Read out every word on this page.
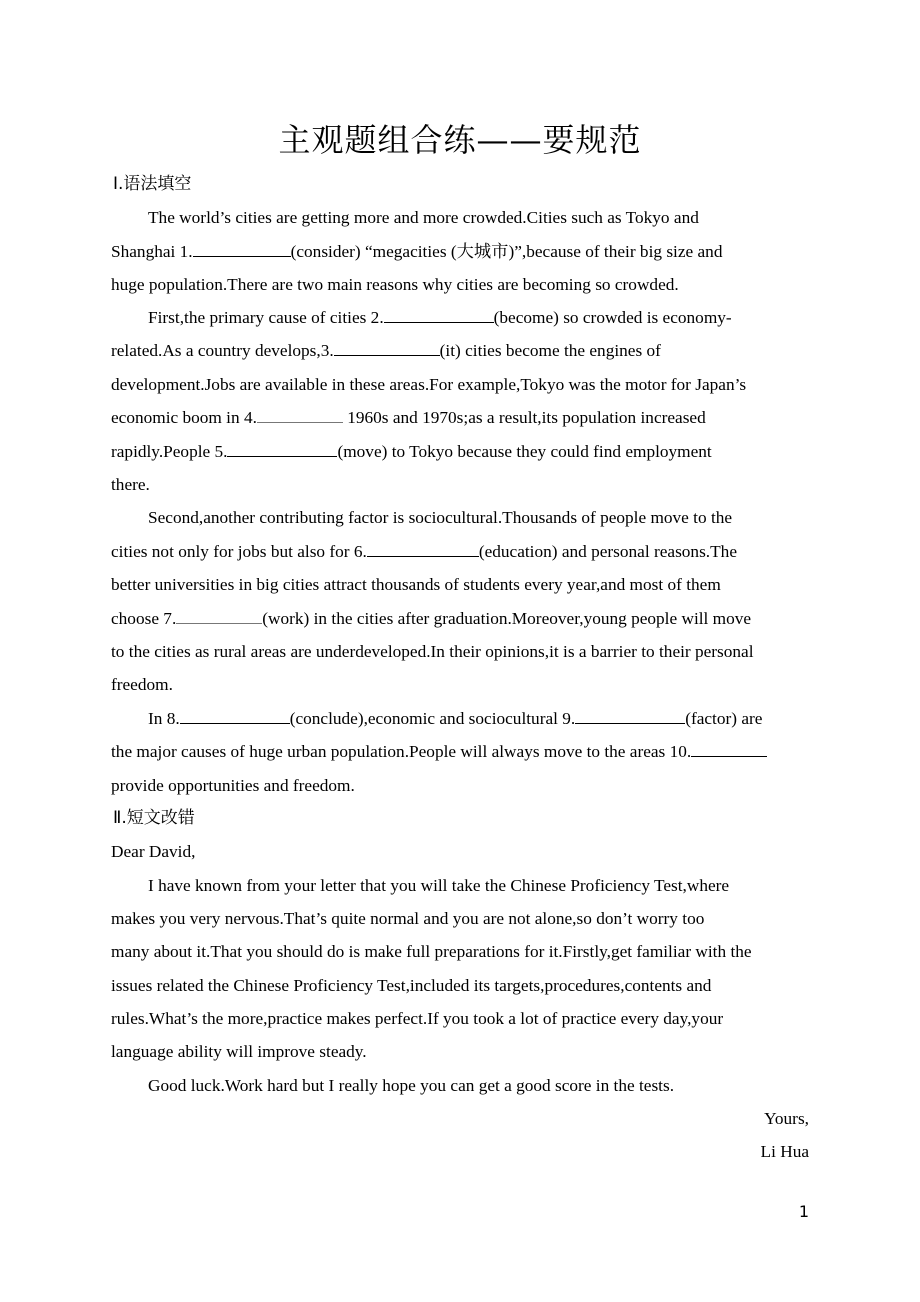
主观题组合练——要规范
Ⅰ.语法填空
The world’s cities are getting more and more crowded.Cities such as Tokyo and
Shanghai 1.	(consider) “megacities (大城市)”,because of their big size and
huge population.There are two main reasons why cities are becoming so crowded.
First,the primary cause of cities 2.	(become) so crowded is economy-
related.As a country develops,3.	(it) cities become the engines of
development.Jobs are available in these areas.For example,Tokyo was the motor for Japan’s
economic boom in 4.	1960s and 1970s;as a result,its population increased
rapidly.People 5.	(move) to Tokyo because they could find employment
there.
Second,another contributing factor is sociocultural.Thousands of people move to the
cities not only for jobs but also for 6.	(education) and personal reasons.The
better universities in big cities attract thousands of students every year,and most of them
choose 7.	(work) in the cities after graduation.Moreover,young people will move
to the cities as rural areas are underdeveloped.In their opinions,it is a barrier to their personal
freedom.
In 8.	(conclude),economic and sociocultural 9.	(factor) are
the major causes of huge urban population.People will always move to the areas 10.
provide opportunities and freedom.
Ⅱ.短文改错
Dear David,
I have known from your letter that you will take the Chinese Proficiency Test,where
makes you very nervous.That’s quite normal and you are not alone,so don’t worry too
many about it.That you should do is make full preparations for it.Firstly,get familiar with the
issues related the Chinese Proficiency Test,included its targets,procedures,contents and
rules.What’s the more,practice makes perfect.If you took a lot of practice every day,your
language ability will improve steady.
Good luck.Work hard but I really hope you can get a good score in the tests.
Yours,
Li Hua
1
